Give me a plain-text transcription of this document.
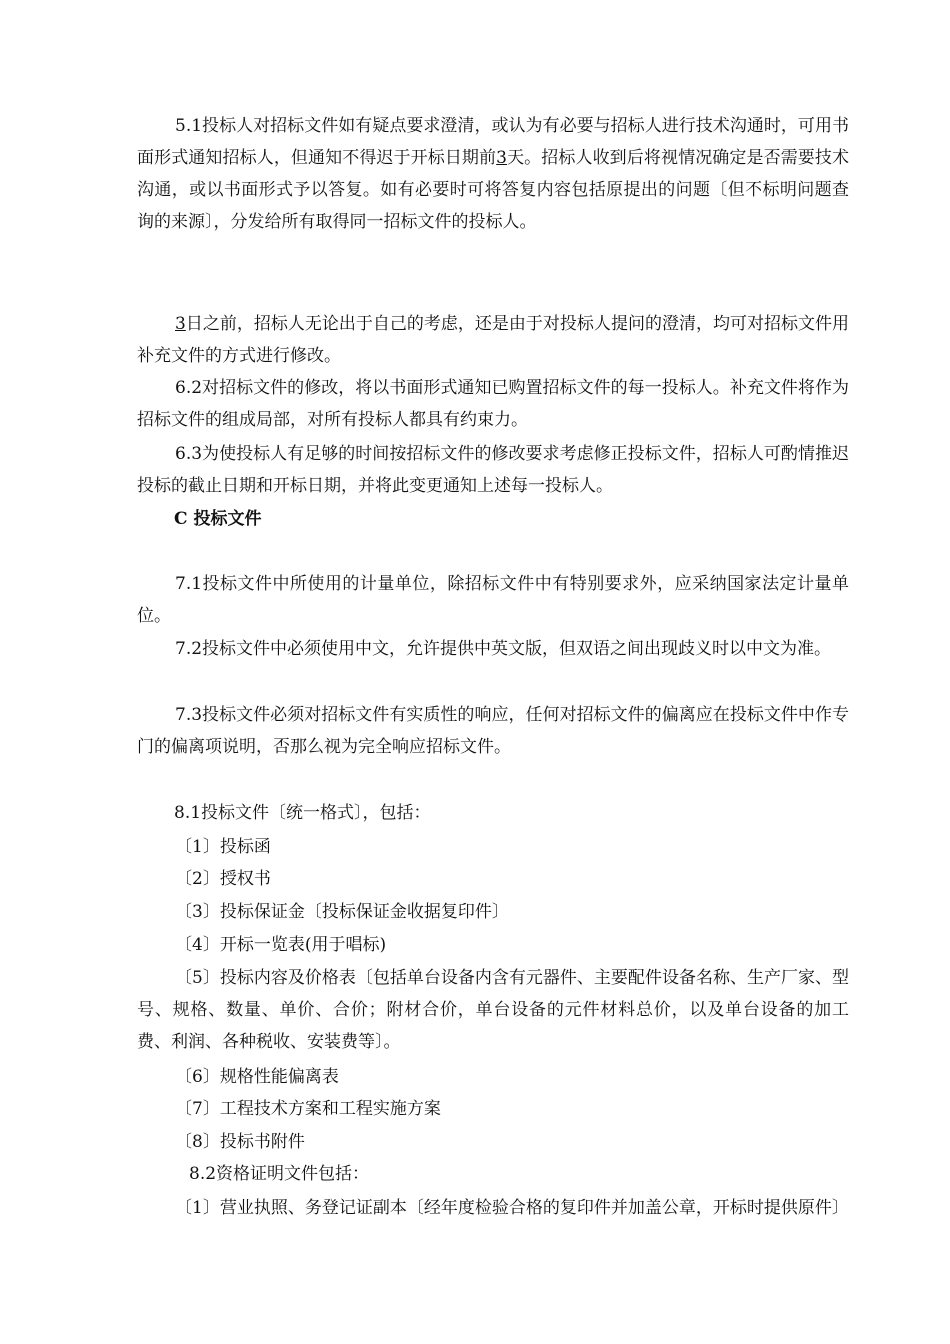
5.1投标人对招标文件如有疑点要求澄清，或认为有必要与招标人进行技术沟通时，可用书面形式通知招标人，但通知不得迟于开标日期前3天。招标人收到后将视情况确定是否需要技术沟通，或以书面形式予以答复。如有必要时可将答复内容包括原提出的问题〔但不标明问题查询的来源〕，分发给所有取得同一招标文件的投标人。

3日之前，招标人无论出于自己的考虑，还是由于对投标人提问的澄清，均可对招标文件用补充文件的方式进行修改。

6.2对招标文件的修改，将以书面形式通知已购置招标文件的每一投标人。补充文件将作为招标文件的组成局部，对所有投标人都具有约束力。

6.3为使投标人有足够的时间按招标文件的修改要求考虑修正投标文件，招标人可酌情推迟投标的截止日期和开标日期，并将此变更通知上述每一投标人。

C 投标文件

7.1投标文件中所使用的计量单位，除招标文件中有特别要求外，应采纳国家法定计量单位。

7.2投标文件中必须使用中文，允许提供中英文版，但双语之间出现歧义时以中文为准。

7.3投标文件必须对招标文件有实质性的响应，任何对招标文件的偏离应在投标文件中作专门的偏离项说明，否那么视为完全响应招标文件。

8.1投标文件〔统一格式〕，包括：

〔1〕投标函

〔2〕授权书

〔3〕投标保证金〔投标保证金收据复印件〕

〔4〕开标一览表(用于唱标)

〔5〕投标内容及价格表〔包括单台设备内含有元器件、主要配件设备名称、生产厂家、型号、规格、数量、单价、合价；附材合价，单台设备的元件材料总价，以及单台设备的加工费、利润、各种税收、安装费等〕。

〔6〕规格性能偏离表

〔7〕工程技术方案和工程实施方案

〔8〕投标书附件

8.2资格证明文件包括：

〔1〕营业执照、务登记证副本〔经年度检验合格的复印件并加盖公章，开标时提供原件〕
